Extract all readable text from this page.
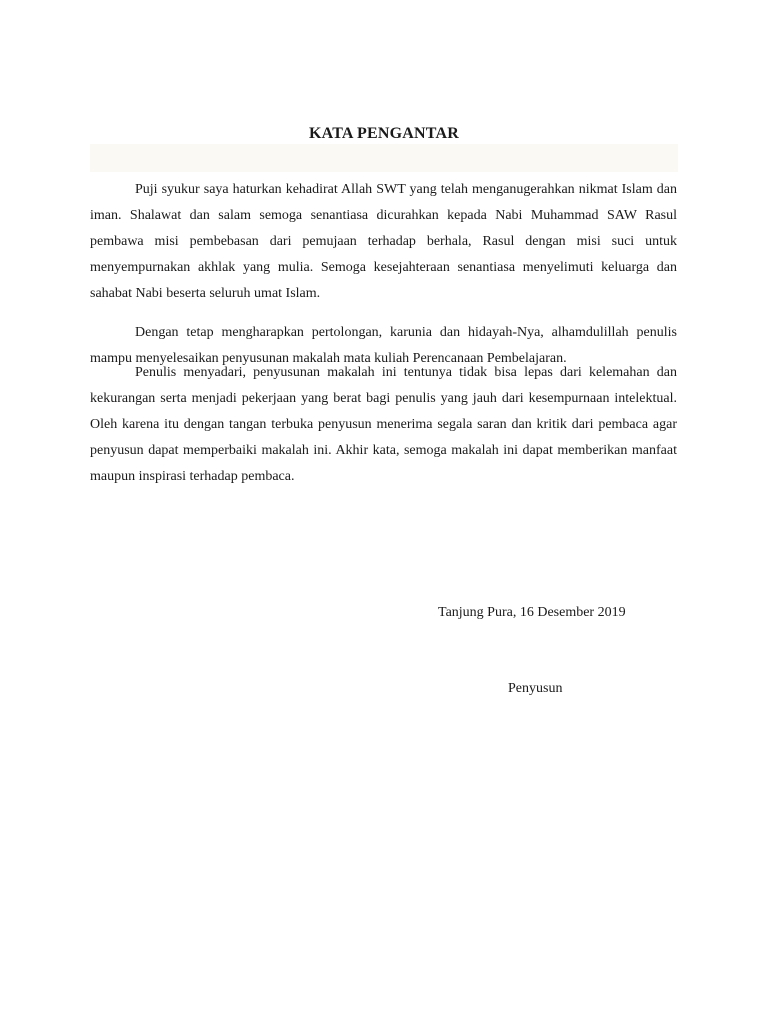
KATA PENGANTAR

Puji syukur saya haturkan kehadirat Allah SWT yang telah menganugerahkan nikmat Islam dan iman. Shalawat dan salam semoga senantiasa dicurahkan kepada Nabi Muhammad SAW Rasul pembawa misi pembebasan dari pemujaan terhadap berhala, Rasul dengan misi suci untuk menyempurnakan akhlak yang mulia. Semoga kesejahteraan senantiasa menyelimuti keluarga dan sahabat Nabi beserta seluruh umat Islam.

Dengan tetap mengharapkan pertolongan, karunia dan hidayah-Nya, alhamdulillah penulis mampu menyelesaikan penyusunan makalah mata kuliah Perencanaan Pembelajaran.

Penulis menyadari, penyusunan makalah ini tentunya tidak bisa lepas dari kelemahan dan kekurangan serta menjadi pekerjaan yang berat bagi penulis yang jauh dari kesempurnaan intelektual. Oleh karena itu dengan tangan terbuka penyusun menerima segala saran dan kritik dari pembaca agar penyusun dapat memperbaiki makalah ini. Akhir kata, semoga makalah ini dapat memberikan manfaat maupun inspirasi terhadap pembaca.

Tanjung Pura, 16 Desember 2019
Penyusun
